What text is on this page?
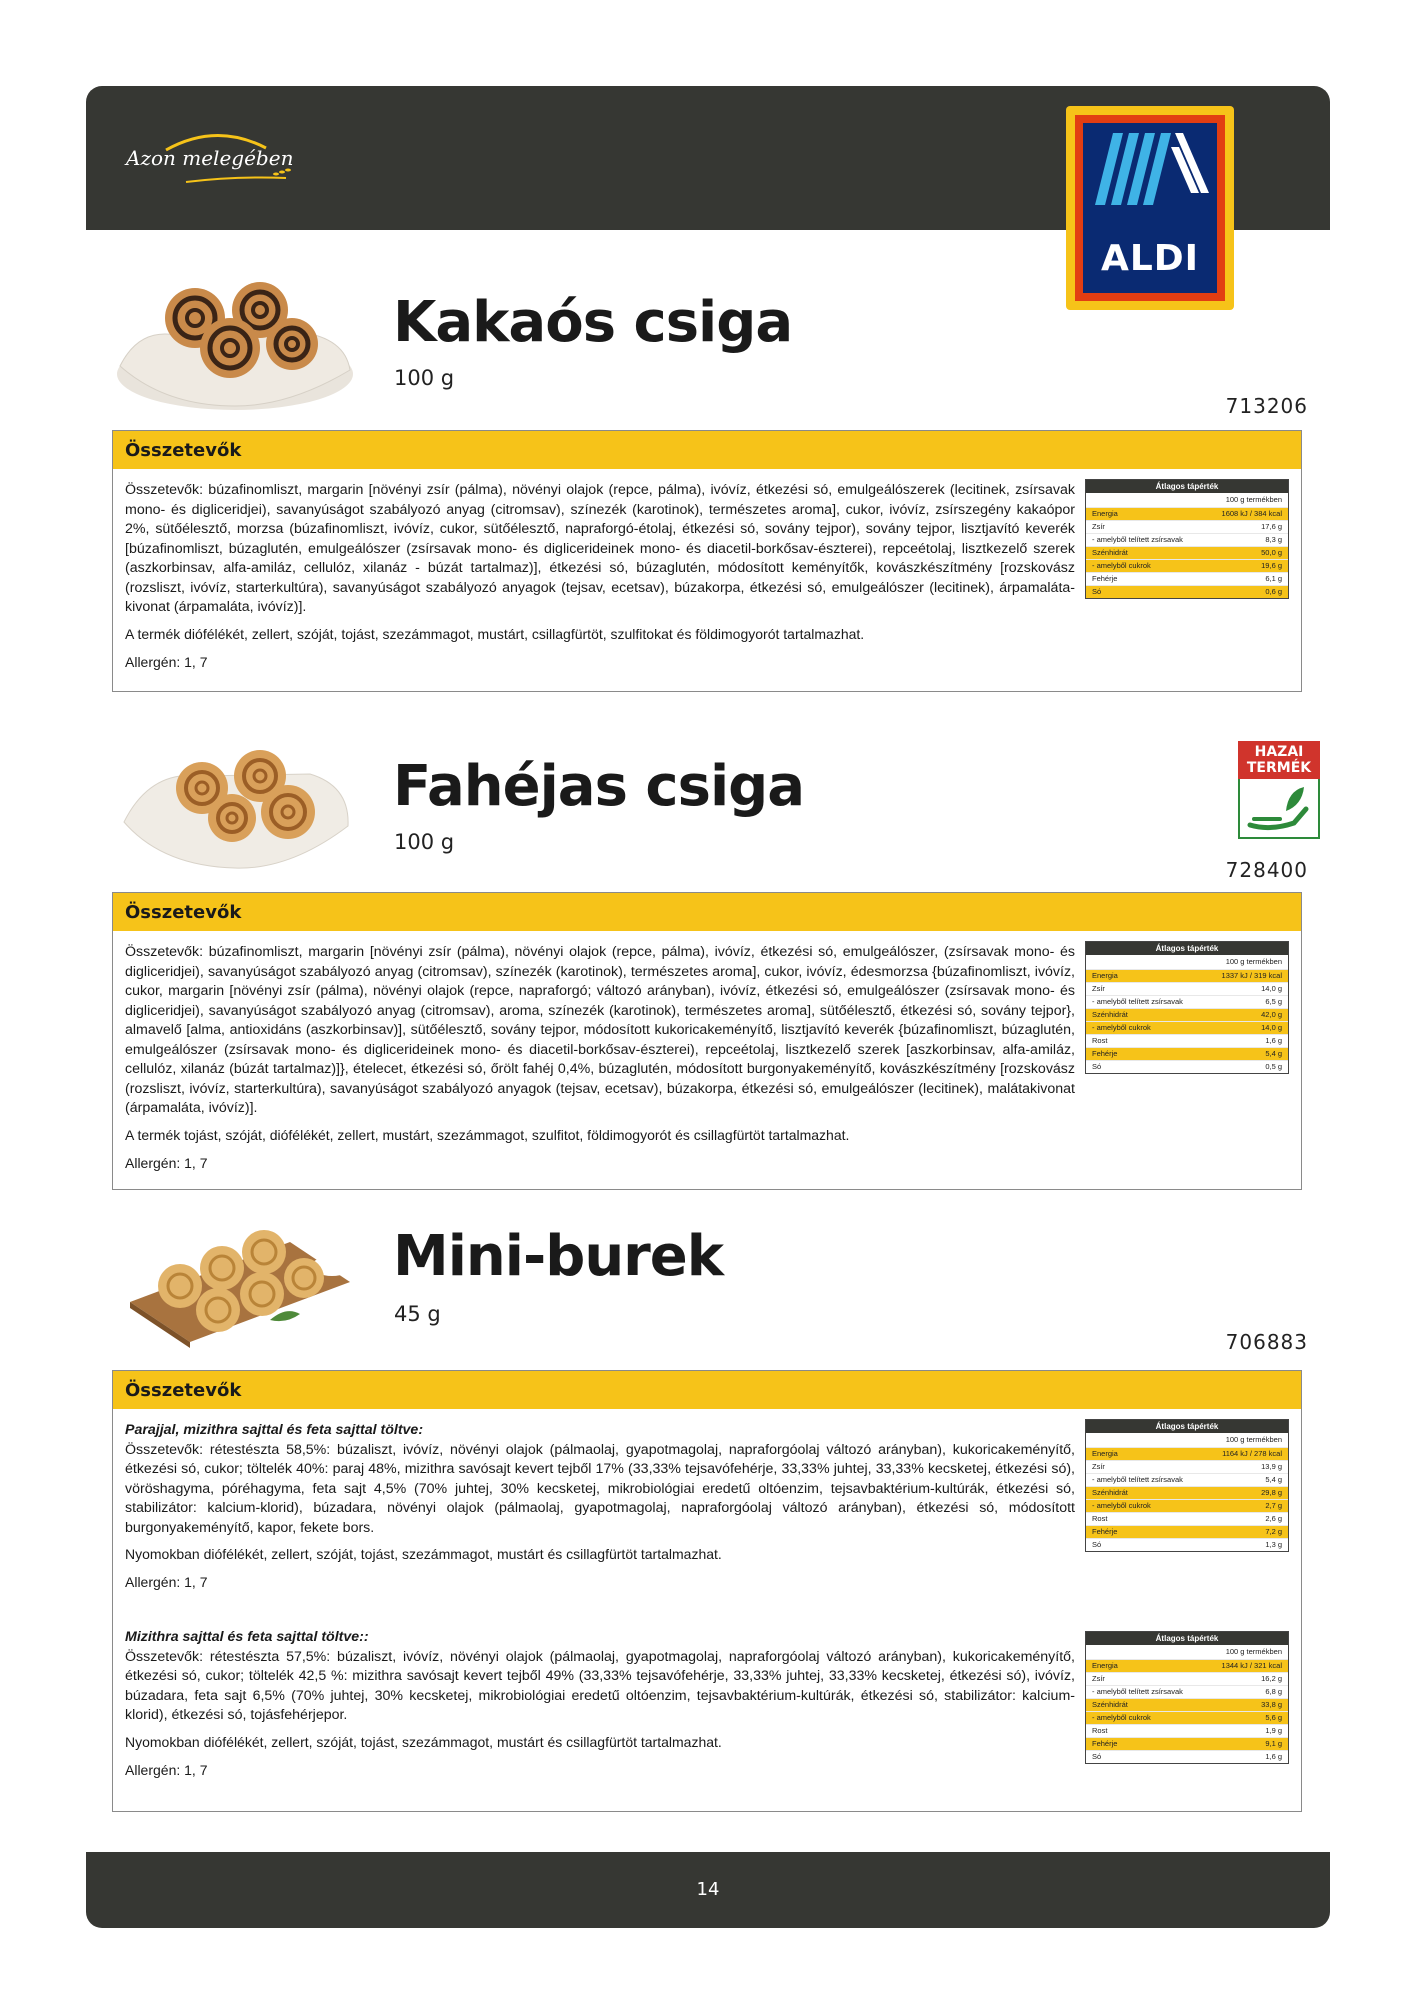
Azon melegében
ALDI
Kakaós csiga
100 g
713206
Összetevők
Összetevők: búzafinomliszt, margarin [növényi zsír (pálma), növényi olajok (repce, pálma), ivóvíz, étkezési só, emulgeálószerek (lecitinek, zsírsavak mono- és digliceridjei), savanyúságot szabályozó anyag (citromsav), színezék (karotinok), természetes aroma], cukor, ivóvíz, zsírszegény kakaópor 2%, sütőélesztő, morzsa (búzafinomliszt, ivóvíz, cukor, sütőélesztő, napraforgó-étolaj, étkezési só, sovány tejpor), sovány tejpor, lisztjavító keverék [búzafinomliszt, búzaglutén, emulgeálószer (zsírsavak mono- és diglicerideinek mono- és diacetil-borkősav-észterei), repceétolaj, lisztkezelő szerek (aszkorbinsav, alfa-amiláz, cellulóz, xilanáz - búzát tartalmaz)], étkezési só, búzaglutén, módosított keményítők, kovászkészítmény [rozskovász (rozsliszt, ivóvíz, starterkultúra), savanyúságot szabályozó anyagok (tejsav, ecetsav), búzakorpa, étkezési só, emulgeálószer (lecitinek), árpamaláta-kivonat (árpamaláta, ivóvíz)].
A termék diófélékét, zellert, szóját, tojást, szezámmagot, mustárt, csillagfürtöt, szulfitokat és földimogyorót tartalmazhat.
Allergén: 1, 7
Átlagos tápérték
100 g termékben
Energia	1608 kJ / 384 kcal
Zsír	17,6 g
- amelyből telített zsírsavak	8,3 g
Szénhidrát	50,0 g
- amelyből cukrok	19,6 g
Fehérje	6,1 g
Só	0,6 g
Fahéjas csiga
100 g
728400
HAZAI TERMÉK
Összetevők
Összetevők: búzafinomliszt, margarin [növényi zsír (pálma), növényi olajok (repce, pálma), ivóvíz, étkezési só, emulgeálószer, (zsírsavak mono- és digliceridjei), savanyúságot szabályozó anyag (citromsav), színezék (karotinok), természetes aroma], cukor, ivóvíz, édesmorzsa {búzafinomliszt, ivóvíz, cukor, margarin [növényi zsír (pálma), növényi olajok (repce, napraforgó; változó arányban), ivóvíz, étkezési só, emulgeálószer (zsírsavak mono- és digliceridjei), savanyúságot szabályozó anyag (citromsav), aroma, színezék (karotinok), természetes aroma], sütőélesztő, étkezési só, sovány tejpor}, almavelő [alma, antioxidáns (aszkorbinsav)], sütőélesztő, sovány tejpor, módosított kukoricakeményítő, lisztjavító keverék {búzafinomliszt, búzaglutén, emulgeálószer (zsírsavak mono- és diglicerideinek mono- és diacetil-borkősav-észterei), repceétolaj, lisztkezelő szerek [aszkorbinsav, alfa-amiláz, cellulóz, xilanáz (búzát tartalmaz)]}, ételecet, étkezési só, őrölt fahéj 0,4%, búzaglutén, módosított burgonyakeményítő, kovászkészítmény [rozskovász (rozsliszt, ivóvíz, starterkultúra), savanyúságot szabályozó anyagok (tejsav, ecetsav), búzakorpa, étkezési só, emulgeálószer (lecitinek), malátakivonat (árpamaláta, ivóvíz)].
A termék tojást, szóját, diófélékét, zellert, mustárt, szezámmagot, szulfitot, földimogyorót és csillagfürtöt tartalmazhat.
Allergén: 1, 7
Átlagos tápérték
100 g termékben
Energia	1337 kJ / 319 kcal
Zsír	14,0 g
- amelyből telített zsírsavak	6,5 g
Szénhidrát	42,0 g
- amelyből cukrok	14,0 g
Rost	1,6 g
Fehérje	5,4 g
Só	0,5 g
Mini-burek
45 g
706883
Összetevők
Parajjal, mizithra sajttal és feta sajttal töltve:
Összetevők: rétestészta 58,5%: búzaliszt, ivóvíz, növényi olajok (pálmaolaj, gyapotmagolaj, napraforgóolaj változó arányban), kukoricakeményítő, étkezési só, cukor; töltelék 40%: paraj 48%, mizithra savósajt kevert tejből 17% (33,33% tejsavófehérje, 33,33% juhtej, 33,33% kecsketej, étkezési só), vöröshagyma, póréhagyma, feta sajt 4,5% (70% juhtej, 30% kecsketej, mikrobiológiai eredetű oltóenzim, tejsavbaktérium-kultúrák, étkezési só, stabilizátor: kalcium-klorid), búzadara, növényi olajok (pálmaolaj, gyapotmagolaj, napraforgóolaj változó arányban), étkezési só, módosított burgonyakeményítő, kapor, fekete bors.
Nyomokban diófélékét, zellert, szóját, tojást, szezámmagot, mustárt és csillagfürtöt tartalmazhat.
Allergén: 1, 7
Mizithra sajttal és feta sajttal töltve::
Összetevők: rétestészta 57,5%: búzaliszt, ivóvíz, növényi olajok (pálmaolaj, gyapotmagolaj, napraforgóolaj változó arányban), kukoricakeményítő, étkezési só, cukor; töltelék 42,5 %: mizithra savósajt kevert tejből 49% (33,33% tejsavófehérje, 33,33% juhtej, 33,33% kecsketej, étkezési só), ivóvíz, búzadara, feta sajt 6,5% (70% juhtej, 30% kecsketej, mikrobiológiai eredetű oltóenzim, tejsavbaktérium-kultúrák, étkezési só, stabilizátor: kalcium-klorid), étkezési só, tojásfehérjepor.
Nyomokban diófélékét, zellert, szóját, tojást, szezámmagot, mustárt és csillagfürtöt tartalmazhat.
Allergén: 1, 7
Átlagos tápérték
100 g termékben
Energia	1164 kJ / 278 kcal
Zsír	13,9 g
- amelyből telített zsírsavak	5,4 g
Szénhidrát	29,8 g
- amelyből cukrok	2,7 g
Rost	2,6 g
Fehérje	7,2 g
Só	1,3 g
Átlagos tápérték
100 g termékben
Energia	1344 kJ / 321 kcal
Zsír	16,2 g
- amelyből telített zsírsavak	6,8 g
Szénhidrát	33,8 g
- amelyből cukrok	5,6 g
Rost	1,9 g
Fehérje	9,1 g
Só	1,6 g
14
